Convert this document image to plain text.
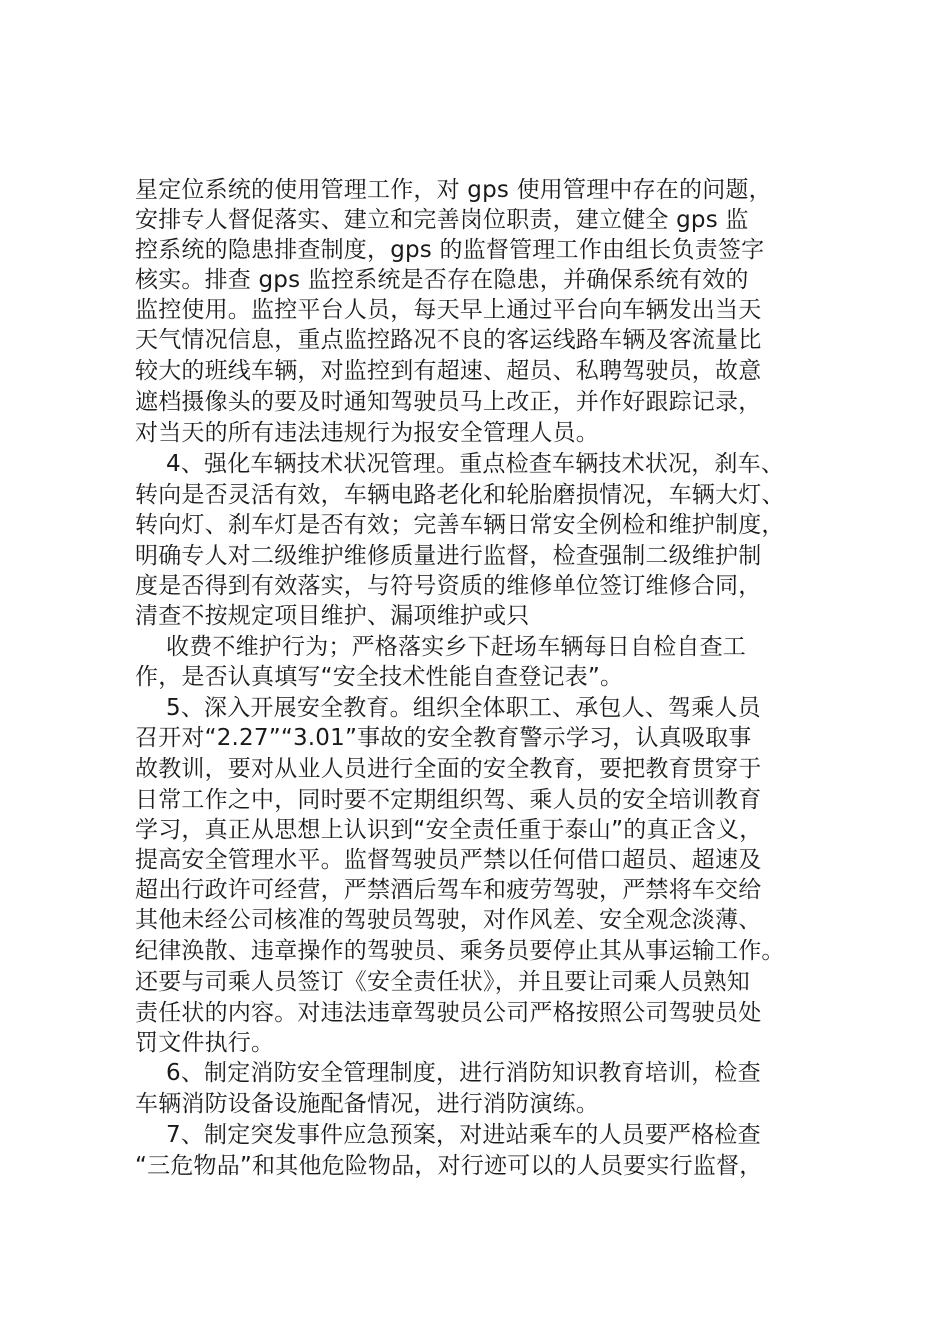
星定位系统的使用管理工作，对 gps 使用管理中存在的问题，
安排专人督促落实、建立和完善岗位职责，建立健全 gps 监
控系统的隐患排查制度，gps 的监督管理工作由组长负责签字
核实。排查 gps 监控系统是否存在隐患，并确保系统有效的
监控使用。监控平台人员，每天早上通过平台向车辆发出当天
天气情况信息，重点监控路况不良的客运线路车辆及客流量比
较大的班线车辆，对监控到有超速、超员、私聘驾驶员，故意
遮档摄像头的要及时通知驾驶员马上改正，并作好跟踪记录，
对当天的所有违法违规行为报安全管理人员。
4、强化车辆技术状况管理。重点检查车辆技术状况，刹车、
转向是否灵活有效，车辆电路老化和轮胎磨损情况，车辆大灯、
转向灯、刹车灯是否有效；完善车辆日常安全例检和维护制度，
明确专人对二级维护维修质量进行监督，检查强制二级维护制
度是否得到有效落实，与符号资质的维修单位签订维修合同，
清查不按规定项目维护、漏项维护或只
收费不维护行为；严格落实乡下赶场车辆每日自检自查工
作，是否认真填写“安全技术性能自查登记表”。
5、深入开展安全教育。组织全体职工、承包人、驾乘人员
召开对“2.27”“3.01”事故的安全教育警示学习，认真吸取事
故教训，要对从业人员进行全面的安全教育，要把教育贯穿于
日常工作之中，同时要不定期组织驾、乘人员的安全培训教育
学习，真正从思想上认识到“安全责任重于泰山”的真正含义，
提高安全管理水平。监督驾驶员严禁以任何借口超员、超速及
超出行政许可经营，严禁酒后驾车和疲劳驾驶，严禁将车交给
其他未经公司核准的驾驶员驾驶，对作风差、安全观念淡薄、
纪律涣散、违章操作的驾驶员、乘务员要停止其从事运输工作。
还要与司乘人员签订《安全责任状》，并且要让司乘人员熟知
责任状的内容。对违法违章驾驶员公司严格按照公司驾驶员处
罚文件执行。
6、制定消防安全管理制度，进行消防知识教育培训，检查
车辆消防设备设施配备情况，进行消防演练。
7、制定突发事件应急预案，对进站乘车的人员要严格检查
“三危物品”和其他危险物品，对行迹可以的人员要实行监督，
